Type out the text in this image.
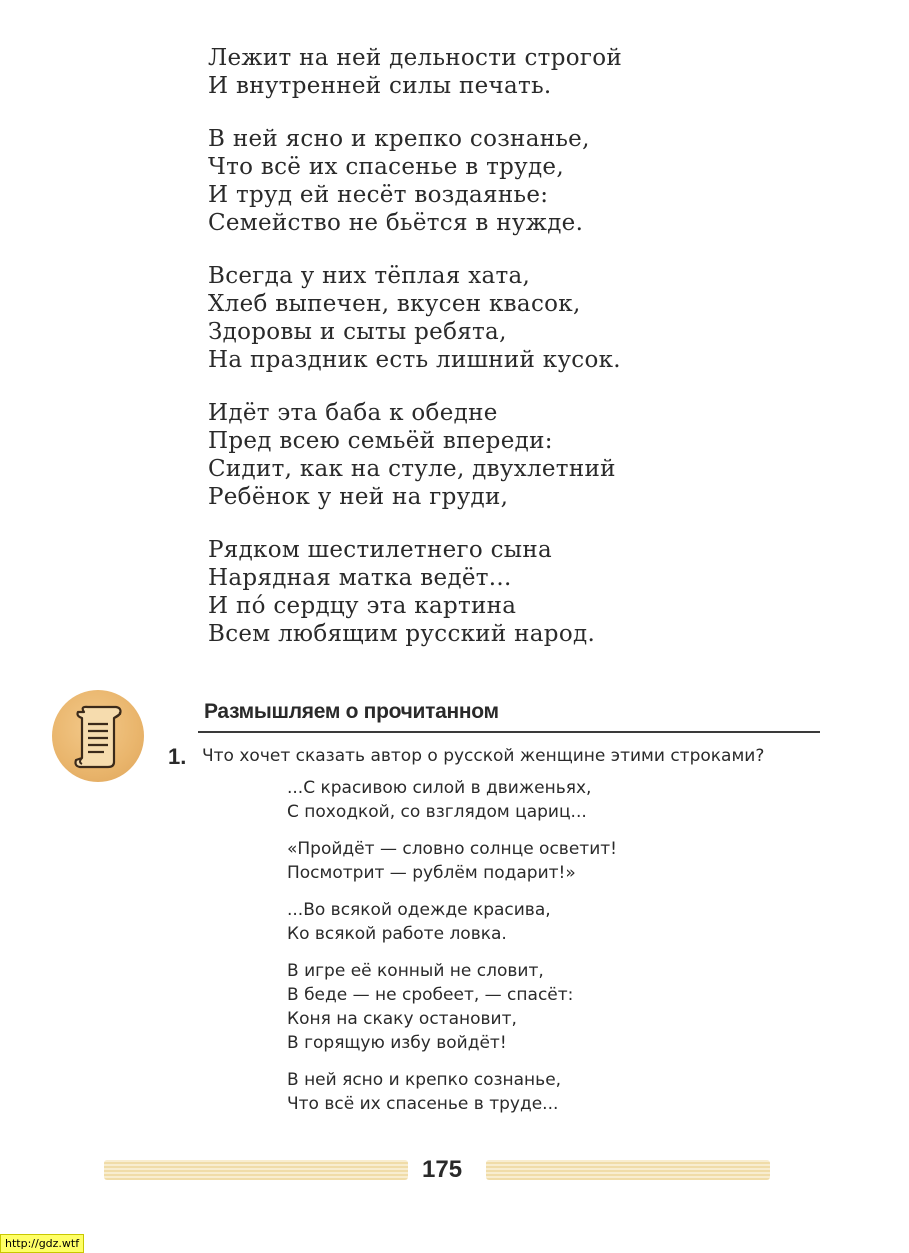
Лежит на ней дельности строгой
И внутренней силы печать.
В ней ясно и крепко сознанье,
Что всё их спасенье в труде,
И труд ей несёт воздаянье:
Семейство не бьётся в нужде.
Всегда у них тёплая хата,
Хлеб выпечен, вкусен квасок,
Здоровы и сыты ребята,
На праздник есть лишний кусок.
Идёт эта баба к обедне
Пред всею семьёй впереди:
Сидит, как на стуле, двухлетний
Ребёнок у ней на груди,
Рядком шестилетнего сына
Нарядная матка ведёт...
И пó сердцу эта картина
Всем любящим русский народ.
Размышляем о прочитанном
1. Что хочет сказать автор о русской женщине этими строками?
...С красивою силой в движеньях,
С походкой, со взглядом цариц...
«Пройдёт — словно солнце осветит!
Посмотрит — рублём подарит!»
...Во всякой одежде красива,
Ко всякой работе ловка.
В игре её конный не словит,
В беде — не сробеет, — спасёт:
Коня на скаку остановит,
В горящую избу войдёт!
В ней ясно и крепко сознанье,
Что всё их спасенье в труде...
175
http://gdz.wtf
